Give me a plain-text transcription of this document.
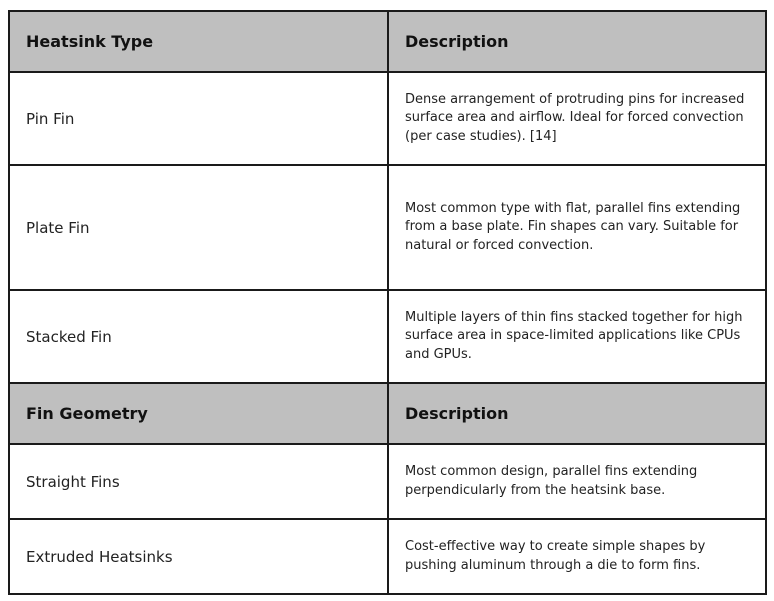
Heatsink Type	Description
Pin Fin	Dense arrangement of protruding pins for increased surface area and airflow. Ideal for forced convection (per case studies). [14]
Plate Fin	Most common type with flat, parallel fins extending from a base plate. Fin shapes can vary. Suitable for natural or forced convection.
Stacked Fin	Multiple layers of thin fins stacked together for high surface area in space-limited applications like CPUs and GPUs.
Fin Geometry	Description
Straight Fins	Most common design, parallel fins extending perpendicularly from the heatsink base.
Extruded Heatsinks	Cost-effective way to create simple shapes by pushing aluminum through a die to form fins.
